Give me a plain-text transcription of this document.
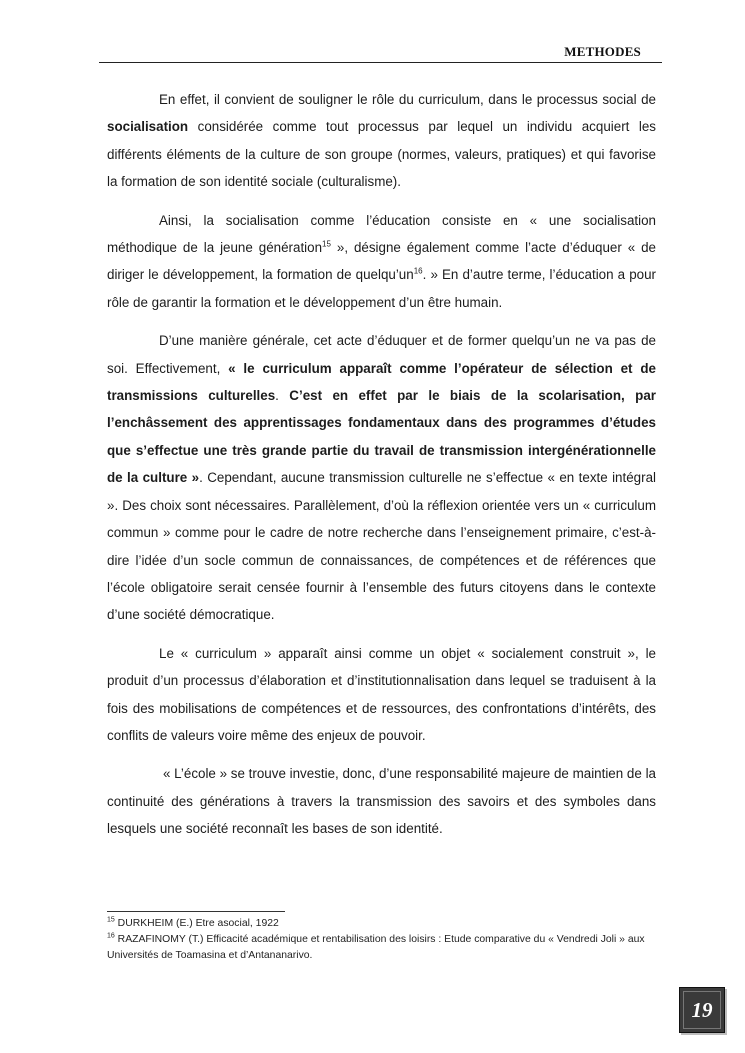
METHODES

En effet, il convient de souligner le rôle du curriculum, dans le processus social de socialisation considérée comme tout processus par lequel un individu acquiert les différents éléments de la culture de son groupe (normes, valeurs, pratiques) et qui favorise la formation de son identité sociale (culturalisme).

Ainsi, la socialisation comme l’éducation consiste en « une socialisation méthodique de la jeune génération$^{15}$ », désigne également comme l’acte d’éduquer « de diriger le développement, la formation de $quelqu’un^{16}$. » En d’autre terme, l’éducation a pour rôle de garantir la formation et le développement d’un être humain.

D’une manière générale, cet acte d’éduquer et de former quelqu’un ne va pas de soi. Effectivement, « le curriculum apparaît comme l’opérateur de sélection et de transmissions culturelles. C’est en effet par le biais de la scolarisation, par l’enchâssement des apprentissages fondamentaux dans des programmes d’études que s’effectue une très grande partie du travail de transmission intergénérationnelle de la culture ». Cependant, aucune transmission culturelle ne s’effectue « en texte intégral ». Des choix sont nécessaires. Parallèlement, d’où la réflexion orientée vers un « curriculum commun » comme pour le cadre de notre recherche dans l’enseignement primaire, c’est-à-dire l’idée d’un socle commun de connaissances, de compétences et de références que l’école obligatoire serait censée fournir à l’ensemble des futurs citoyens dans le contexte d’une société démocratique.

Le « curriculum » apparaît ainsi comme un objet « socialement construit », le produit d’un processus d’élaboration et d’institutionnalisation dans lequel se traduisent à la fois des mobilisations de compétences et de ressources, des confrontations d’intérêts, des conflits de valeurs voire même des enjeux de pouvoir.

« L’école » se trouve investie, donc, d’une responsabilité majeure de maintien de la continuité des générations à travers la transmission des savoirs et des symboles dans lesquels une société reconnaît les bases de son identité.

$^{15}$ DURKHEIM (E.) Etre asocial, 1922

$^{16}$ RAZAFINOMY (T.) Efficacité académique et rentabilisation des loisirs : Etude comparative du « Vendredi Joli » aux Universités de Toamasina et d’Antananarivo.

19
